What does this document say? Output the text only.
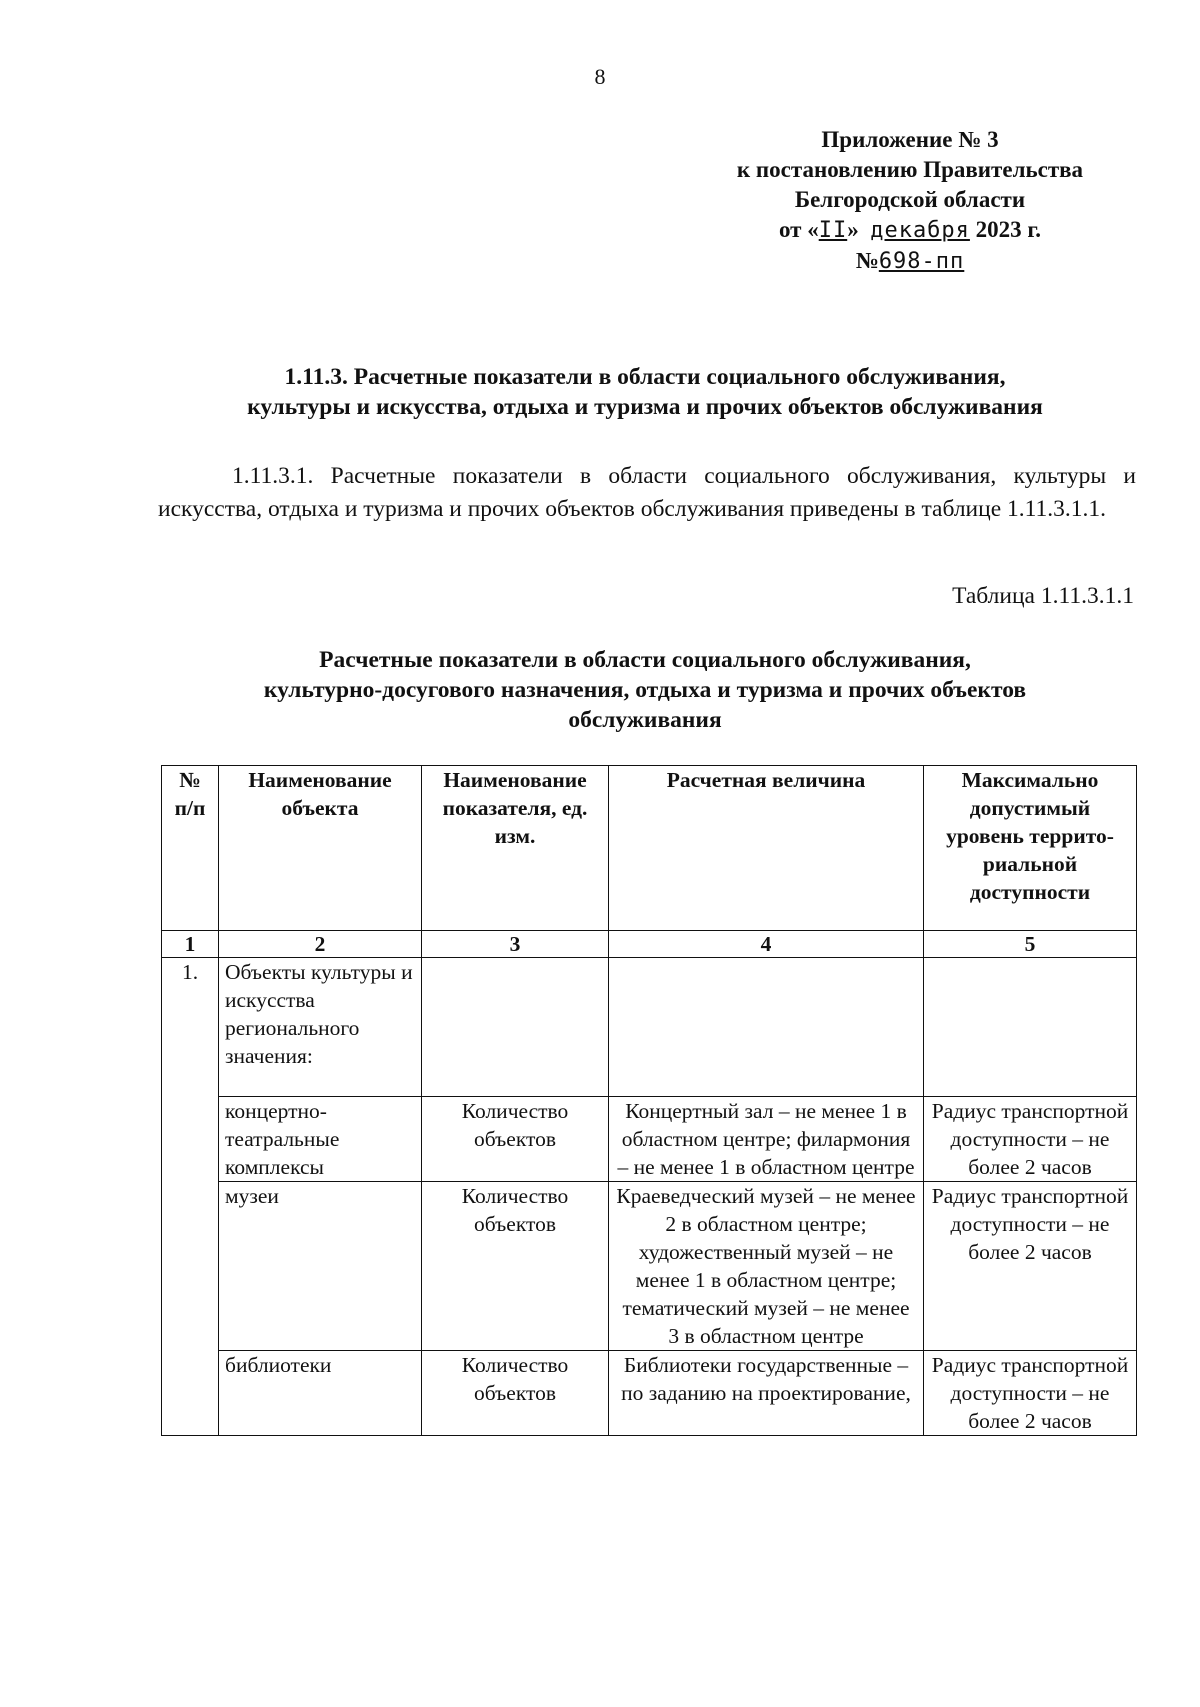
8
Приложение № 3
к постановлению Правительства
Белгородской области
от «II» декабря 2023 г.
№698-пп
1.11.3. Расчетные показатели в области социального обслуживания,
культуры и искусства, отдыха и туризма и прочих объектов обслуживания
1.11.3.1. Расчетные показатели в области социального обслуживания, культуры и искусства, отдыха и туризма и прочих объектов обслуживания приведены в таблице 1.11.3.1.1.
Таблица 1.11.3.1.1
Расчетные показатели в области социального обслуживания,
культурно-досугового назначения, отдыха и туризма и прочих объектов
обслуживания
№ п/п	Наименование объекта	Наименование показателя, ед. изм.	Расчетная величина	Максимально допустимый уровень террито-риальной доступности
1	2	3	4	5
1.	Объекты культуры и искусства регионального значения:			
	концертно-театральные комплексы	Количество объектов	Концертный зал – не менее 1 в областном центре; филармония – не менее 1 в областном центре	Радиус транспортной доступности – не более 2 часов
	музеи	Количество объектов	Краеведческий музей – не менее 2 в областном центре; художественный музей – не менее 1 в областном центре; тематический музей – не менее 3 в областном центре	Радиус транспортной доступности – не более 2 часов
	библиотеки	Количество объектов	Библиотеки государственные – по заданию на проектирование,	Радиус транспортной доступности – не более 2 часов
